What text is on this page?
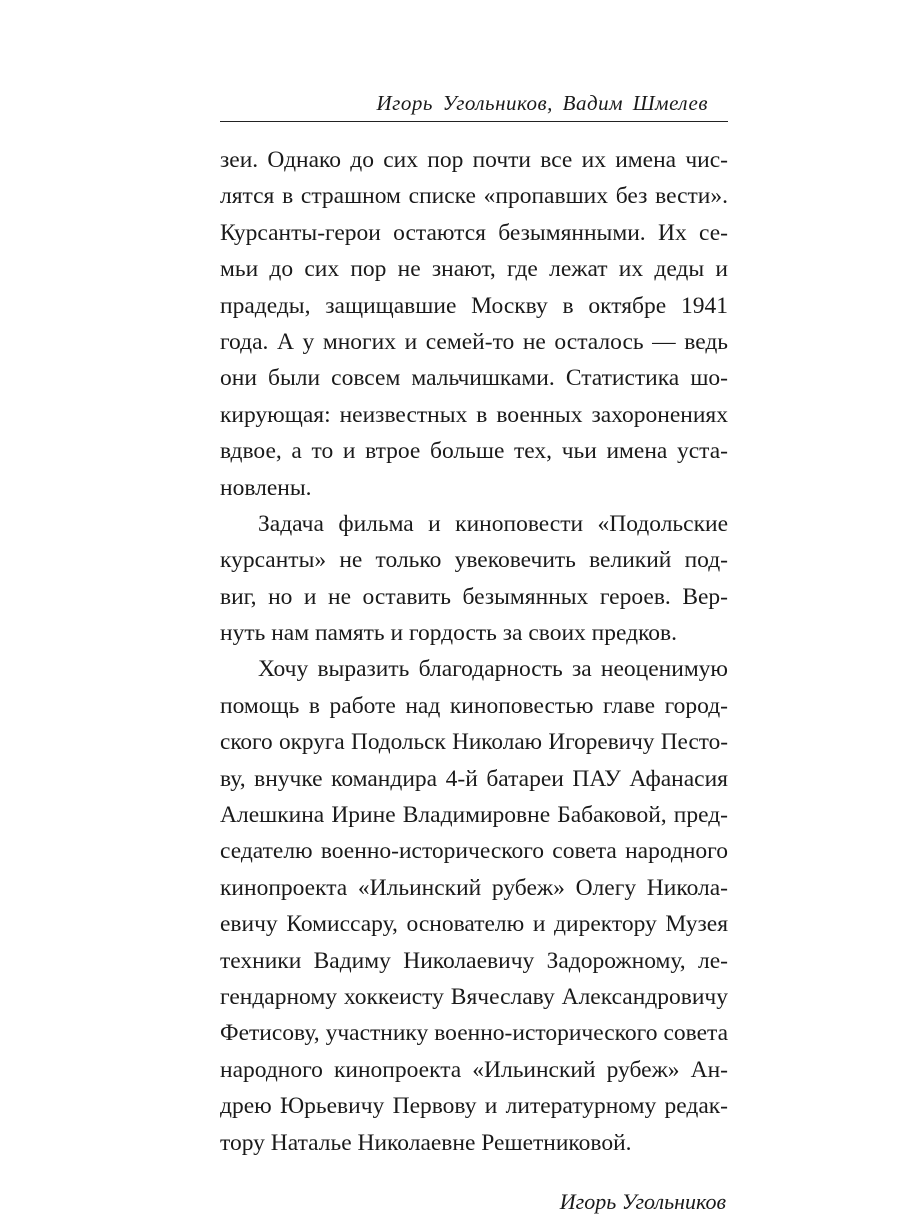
Игорь Угольников, Вадим Шмелев
зеи. Однако до сих пор почти все их имена чис-
лятся в страшном списке «пропавших без вести».
Курсанты-герои остаются безымянными. Их се-
мьи до сих пор не знают, где лежат их деды и
прадеды, защищавшие Москву в октябре 1941
года. А у многих и семей-то не осталось — ведь
они были совсем мальчишками. Статистика шо-
кирующая: неизвестных в военных захоронениях
вдвое, а то и втрое больше тех, чьи имена уста-
новлены.
Задача фильма и киноповести «Подольские
курсанты» не только увековечить великий под-
виг, но и не оставить безымянных героев. Вер-
нуть нам память и гордость за своих предков.
Хочу выразить благодарность за неоценимую
помощь в работе над киноповестью главе город-
ского округа Подольск Николаю Игоревичу Песто-
ву, внучке командира 4-й батареи ПАУ Афанасия
Алешкина Ирине Владимировне Бабаковой, пред-
седателю военно-исторического совета народного
кинопроекта «Ильинский рубеж» Олегу Никола-
евичу Комиссару, основателю и директору Музея
техники Вадиму Николаевичу Задорожному, ле-
гендарному хоккеисту Вячеславу Александровичу
Фетисову, участнику военно-исторического совета
народного кинопроекта «Ильинский рубеж» Ан-
дрею Юрьевичу Первову и литературному редак-
тору Наталье Николаевне Решетниковой.
Игорь Угольников
